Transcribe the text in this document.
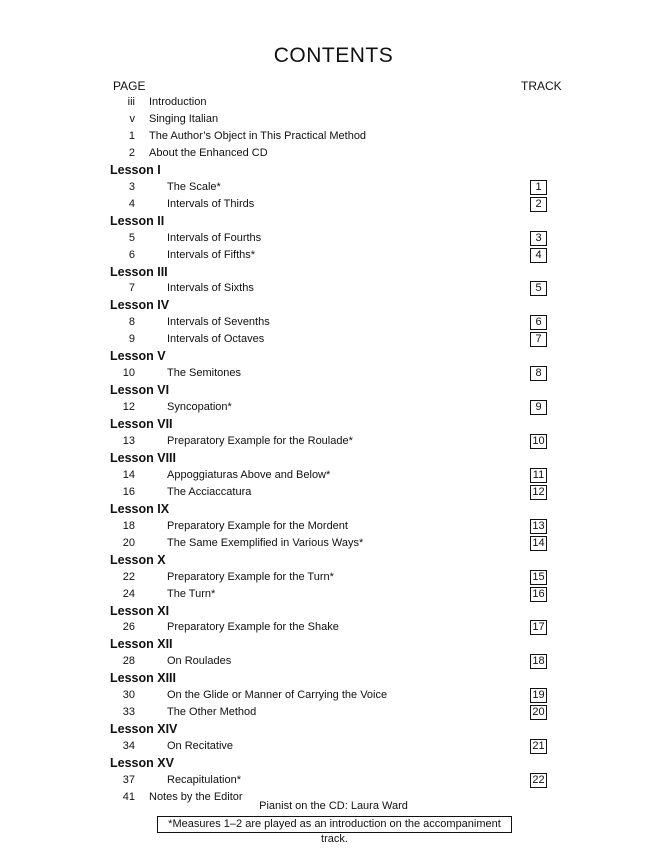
CONTENTS
PAGE	TRACK
iii Introduction
v Singing Italian
1 The Author’s Object in This Practical Method
2 About the Enhanced CD
Lesson I
3	The Scale*	1
4	Intervals of Thirds	2
Lesson II
5	Intervals of Fourths	3
6	Intervals of Fifths*	4
Lesson III
7	Intervals of Sixths	5
Lesson IV
8	Intervals of Sevenths	6
9	Intervals of Octaves	7
Lesson V
10	The Semitones	8
Lesson VI
12	Syncopation*	9
Lesson VII
13	Preparatory Example for the Roulade*	10
Lesson VIII
14	Appoggiaturas Above and Below*	11
16	The Acciaccatura	12
Lesson IX
18	Preparatory Example for the Mordent	13
20	The Same Exemplified in Various Ways*	14
Lesson X
22	Preparatory Example for the Turn*	15
24	The Turn*	16
Lesson XI
26	Preparatory Example for the Shake	17
Lesson XII
28	On Roulades	18
Lesson XIII
30	On the Glide or Manner of Carrying the Voice	19
33	The Other Method	20
Lesson XIV
34	On Recitative	21
Lesson XV
37	Recapitulation*	22
41 Notes by the Editor
Pianist on the CD: Laura Ward
*Measures 1–2 are played as an introduction on the accompaniment track.
